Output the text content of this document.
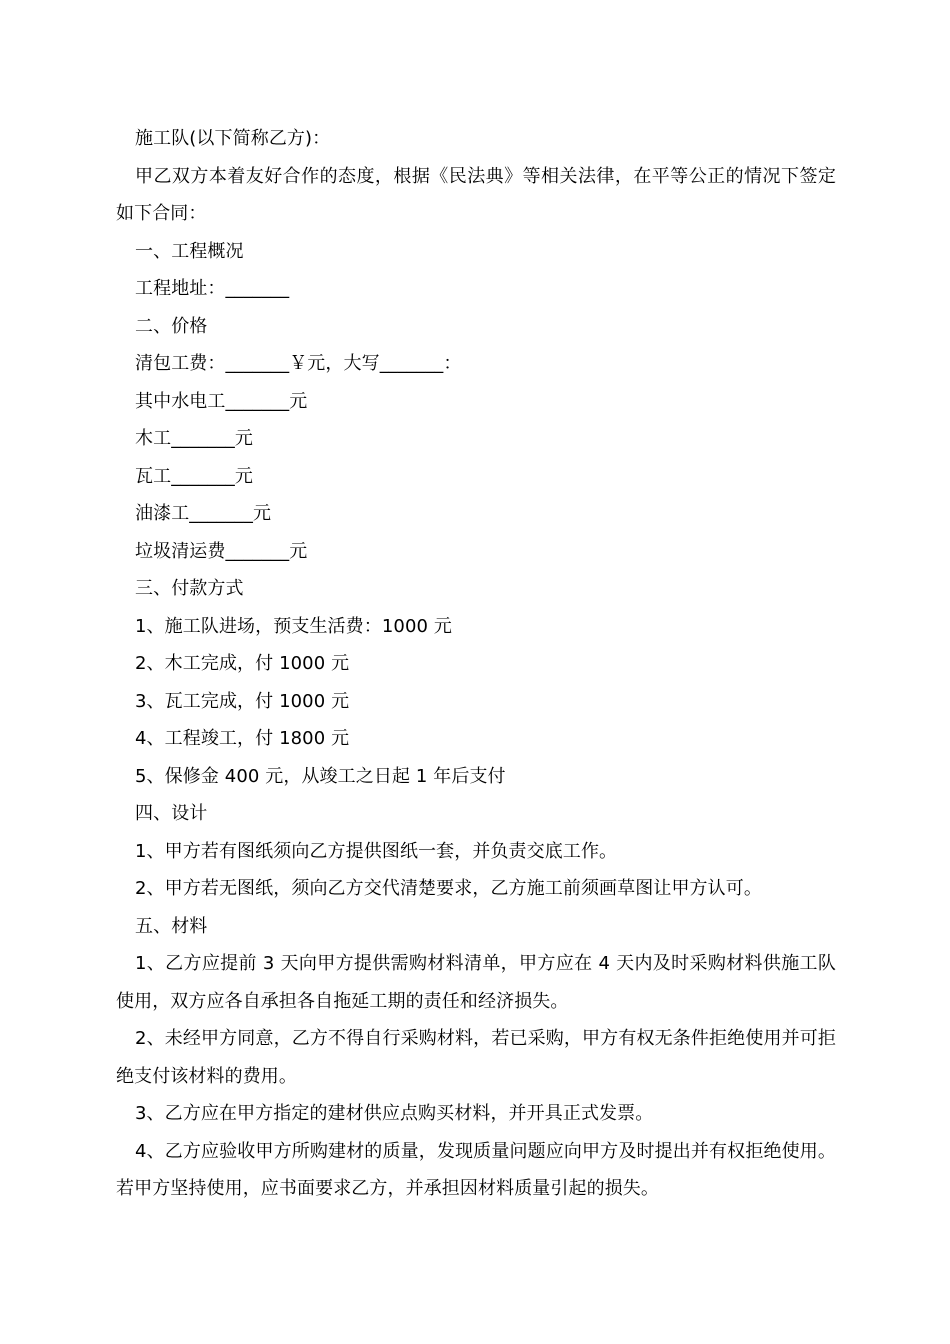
施工队(以下简称乙方)：

甲乙双方本着友好合作的态度，根据《民法典》等相关法律，在平等公正的情况下签定如下合同：

一、工程概况

工程地址：_______

二、价格

清包工费：_______￥元，大写_______：

其中水电工_______元

木工_______元

瓦工_______元

油漆工_______元

垃圾清运费_______元

三、付款方式

1、施工队进场，预支生活费：1000 元

2、木工完成，付 1000 元

3、瓦工完成，付 1000 元

4、工程竣工，付 1800 元

5、保修金 400 元，从竣工之日起 1 年后支付

四、设计

1、甲方若有图纸须向乙方提供图纸一套，并负责交底工作。

2、甲方若无图纸，须向乙方交代清楚要求，乙方施工前须画草图让甲方认可。

五、材料

1、乙方应提前 3 天向甲方提供需购材料清单，甲方应在 4 天内及时采购材料供施工队使用，双方应各自承担各自拖延工期的责任和经济损失。

2、未经甲方同意，乙方不得自行采购材料，若已采购，甲方有权无条件拒绝使用并可拒绝支付该材料的费用。

3、乙方应在甲方指定的建材供应点购买材料，并开具正式发票。

4、乙方应验收甲方所购建材的质量，发现质量问题应向甲方及时提出并有权拒绝使用。若甲方坚持使用，应书面要求乙方，并承担因材料质量引起的损失。
